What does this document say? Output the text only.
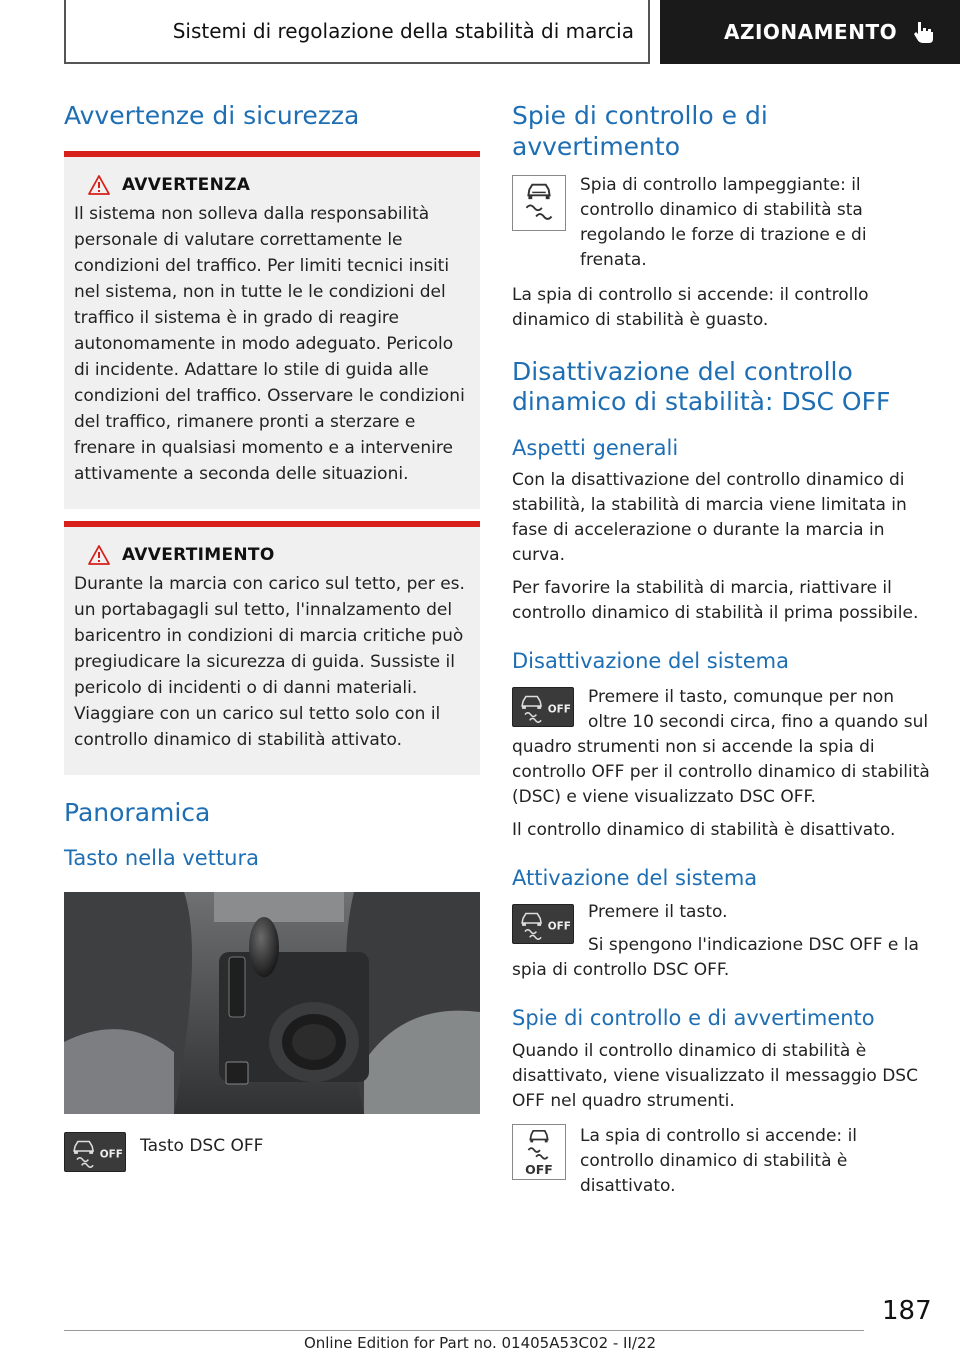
Sistemi di regolazione della stabilità di marcia	AZIONAMENTO
Avvertenze di sicurezza
AVVERTENZA

Il sistema non solleva dalla responsabilità personale di valutare correttamente le condizioni del traffico. Per limiti tecnici insiti nel sistema, non in tutte le le condizioni del traffico il sistema è in grado di reagire autonomamente in modo adeguato. Pericolo di incidente. Adattare lo stile di guida alle condizioni del traffico. Osservare le condizioni del traffico, rimanere pronti a sterzare e frenare in qualsiasi momento e a intervenire attivamente a seconda delle situazioni.

AVVERTIMENTO

Durante la marcia con carico sul tetto, per es. un portabagagli sul tetto, l'innalzamento del baricentro in condizioni di marcia critiche può pregiudicare la sicurezza di guida. Sussiste il pericolo di incidenti o di danni materiali. Viaggiare con un carico sul tetto solo con il controllo dinamico di stabilità attivato.

Panoramica
Tasto nella vettura
OFF Tasto DSC OFF

Spie di controllo e di avvertimento

Spia di controllo lampeggiante: il controllo dinamico di stabilità sta regolando le forze di trazione e di frenata.

La spia di controllo si accende: il controllo dinamico di stabilità è guasto.

Disattivazione del controllo dinamico di stabilità: DSC OFF
Aspetti generali

Con la disattivazione del controllo dinamico di stabilità, la stabilità di marcia viene limitata in fase di accelerazione o durante la marcia in curva.

Per favorire la stabilità di marcia, riattivare il controllo dinamico di stabilità il prima possibile.

Disattivazione del sistema
OFF

Premere il tasto, comunque per non oltre 10 secondi circa, fino a quando sul quadro strumenti non si accende la spia di controllo OFF per il controllo dinamico di stabilità (DSC) e viene visualizzato DSC OFF.

Il controllo dinamico di stabilità è disattivato.

Attivazione del sistema
OFF

Premere il tasto.

Si spengono l'indicazione DSC OFF e la spia di controllo DSC OFF.

Spie di controllo e di avvertimento

Quando il controllo dinamico di stabilità è disattivato, viene visualizzato il messaggio DSC OFF nel quadro strumenti.

OFF

La spia di controllo si accende: il controllo dinamico di stabilità è disattivato.

187
Online Edition for Part no. 01405A53C02 - II/22
